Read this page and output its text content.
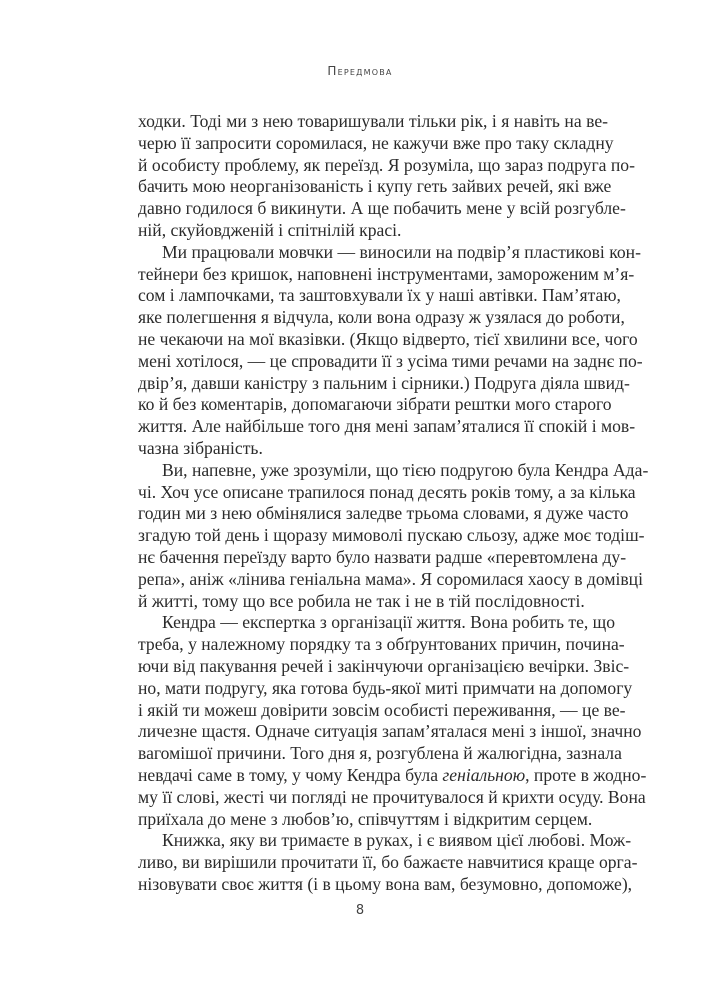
Передмова
ходки. Тоді ми з нею товаришували тільки рік, і я навіть на ве-
черю її запросити соромилася, не кажучи вже про таку складну
й особисту проблему, як переїзд. Я розуміла, що зараз подруга по-
бачить мою неорганізованість і купу геть зайвих речей, які вже
давно годилося б викинути. А ще побачить мене у всій розгубле-
ній, скуйовдженій і спітнілій красі.
Ми працювали мовчки — виносили на подвір’я пластикові кон-
тейнери без кришок, наповнені інструментами, замороженим м’я-
сом і лампочками, та заштовхували їх у наші автівки. Пам’ятаю,
яке полегшення я відчула, коли вона одразу ж узялася до роботи,
не чекаючи на мої вказівки. (Якщо відверто, тієї хвилини все, чого
мені хотілося, — це спровадити її з усіма тими речами на заднє по-
двір’я, давши каністру з пальним і сірники.) Подруга діяла швид-
ко й без коментарів, допомагаючи зібрати рештки мого старого
життя. Але найбільше того дня мені запам’яталися її спокій і мов-
чазна зібраність.
Ви, напевне, уже зрозуміли, що тією подругою була Кендра Ада-
чі. Хоч усе описане трапилося понад десять років тому, а за кілька
годин ми з нею обмінялися заледве трьома словами, я дуже часто
згадую той день і щоразу мимоволі пускаю сльозу, адже моє тодіш-
нє бачення переїзду варто було назвати радше «перевтомлена ду-
репа», аніж «лінива геніальна мама». Я соромилася хаосу в домівці
й житті, тому що все робила не так і не в тій послідовності.
Кендра — експертка з організації життя. Вона робить те, що
треба, у належному порядку та з обґрунтованих причин, почина-
ючи від пакування речей і закінчуючи організацією вечірки. Звіс-
но, мати подругу, яка готова будь-якої миті примчати на допомогу
і якій ти можеш довірити зовсім особисті переживання, — це ве-
личезне щастя. Одначе ситуація запам’яталася мені з іншої, значно
вагомішої причини. Того дня я, розгублена й жалюгідна, зазнала
невдачі саме в тому, у чому Кендра була геніальною, проте в жодно-
му її слові, жесті чи погляді не прочитувалося й крихти осуду. Вона
приїхала до мене з любов’ю, співчуттям і відкритим серцем.
Книжка, яку ви тримаєте в руках, і є виявом цієї любові. Мож-
ливо, ви вирішили прочитати її, бо бажаєте навчитися краще орга-
нізовувати своє життя (і в цьому вона вам, безумовно, допоможе),
8
